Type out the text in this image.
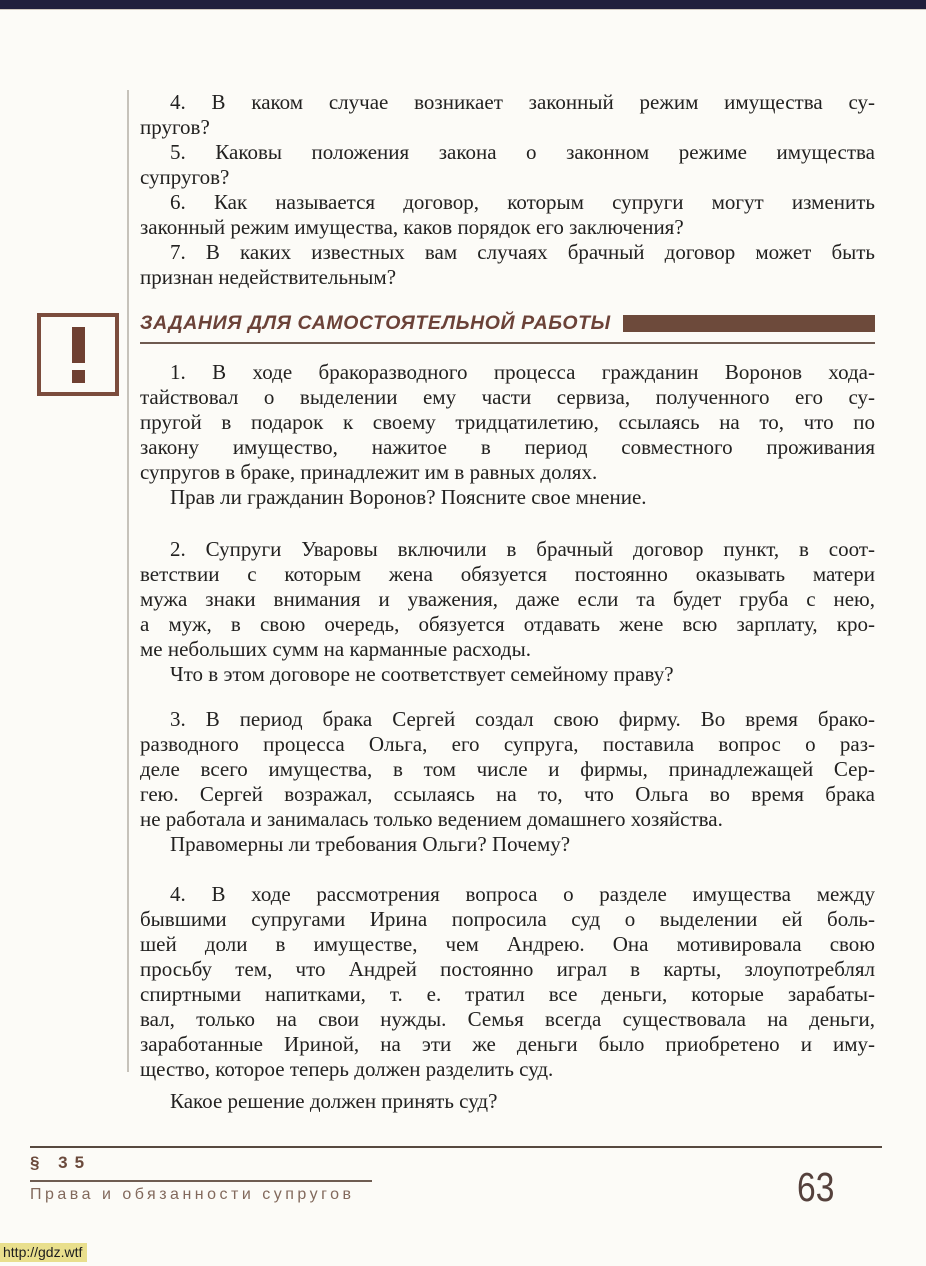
4. В каком случае возникает законный режим имущества су-
пругов?
5. Каковы положения закона о законном режиме имущества
супругов?
6. Как называется договор, которым супруги могут изменить
законный режим имущества, каков порядок его заключения?
7. В каких известных вам случаях брачный договор может быть
признан недействительным?
ЗАДАНИЯ ДЛЯ САМОСТОЯТЕЛЬНОЙ РАБОТЫ
1. В ходе бракоразводного процесса гражданин Воронов хода-
тайствовал о выделении ему части сервиза, полученного его су-
пругой в подарок к своему тридцатилетию, ссылаясь на то, что по
закону имущество, нажитое в период совместного проживания
супругов в браке, принадлежит им в равных долях.
Прав ли гражданин Воронов? Поясните свое мнение.
2. Супруги Уваровы включили в брачный договор пункт, в соот-
ветствии с которым жена обязуется постоянно оказывать матери
мужа знаки внимания и уважения, даже если та будет груба с нею,
а муж, в свою очередь, обязуется отдавать жене всю зарплату, кро-
ме небольших сумм на карманные расходы.
Что в этом договоре не соответствует семейному праву?
3. В период брака Сергей создал свою фирму. Во время брако-
разводного процесса Ольга, его супруга, поставила вопрос о раз-
деле всего имущества, в том числе и фирмы, принадлежащей Сер-
гею. Сергей возражал, ссылаясь на то, что Ольга во время брака
не работала и занималась только ведением домашнего хозяйства.
Правомерны ли требования Ольги? Почему?
4. В ходе рассмотрения вопроса о разделе имущества между
бывшими супругами Ирина попросила суд о выделении ей боль-
шей доли в имуществе, чем Андрею. Она мотивировала свою
просьбу тем, что Андрей постоянно играл в карты, злоупотреблял
спиртными напитками, т. е. тратил все деньги, которые зарабаты-
вал, только на свои нужды. Семья всегда существовала на деньги,
заработанные Ириной, на эти же деньги было приобретено и иму-
щество, которое теперь должен разделить суд.
Какое решение должен принять суд?
§ 35
Права и обязанности супругов	63
http://gdz.wtf
